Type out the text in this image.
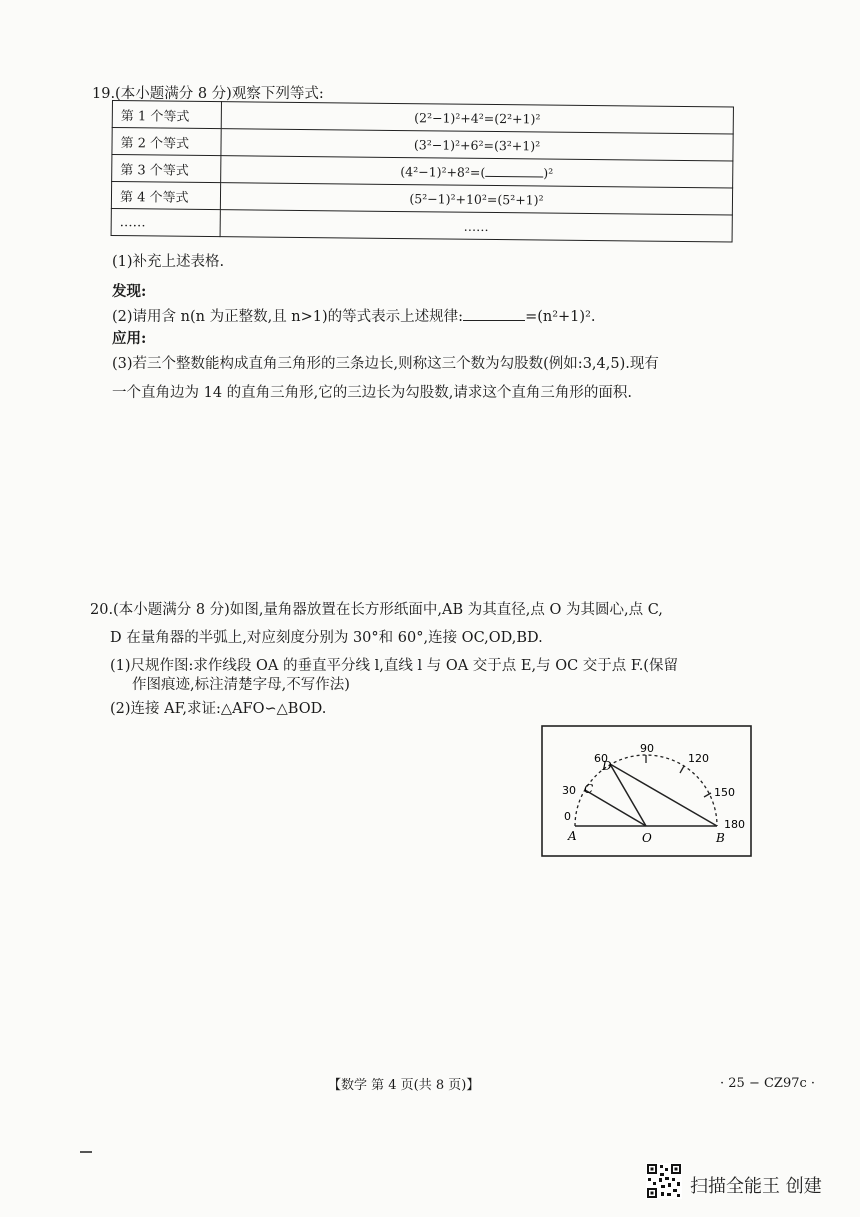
19.(本小题满分 8 分)观察下列等式:
第 1 个等式	(2²−1)²+4²=(2²+1)²
第 2 个等式	(3²−1)²+6²=(3²+1)²
第 3 个等式	(4²−1)²+8²=( )²
第 4 个等式	(5²−1)²+10²=(5²+1)²
……	……
(1)补充上述表格.
发现:
(2)请用含 n(n 为正整数,且 n>1)的等式表示上述规律:	=(n²+1)².
应用:
(3)若三个整数能构成直角三角形的三条边长,则称这三个数为勾股数(例如:3,4,5).现有
一个直角边为 14 的直角三角形,它的三边长为勾股数,请求这个直角三角形的面积.
20.(本小题满分 8 分)如图,量角器放置在长方形纸面中,AB 为其直径,点 O 为其圆心,点 C,
D 在量角器的半弧上,对应刻度分别为 30°和 60°,连接 OC,OD,BD.
(1)尺规作图:求作线段 OA 的垂直平分线 l,直线 l 与 OA 交于点 E,与 OC 交于点 F.(保留
作图痕迹,标注清楚字母,不写作法)
(2)连接 AF,求证:△AFO∽△BOD.
60
90
120
30	150
0
180
A	O	B
C
D
【数学 第 4 页(共 8 页)】	· 25 − CZ97c ·
扫描全能王 创建
